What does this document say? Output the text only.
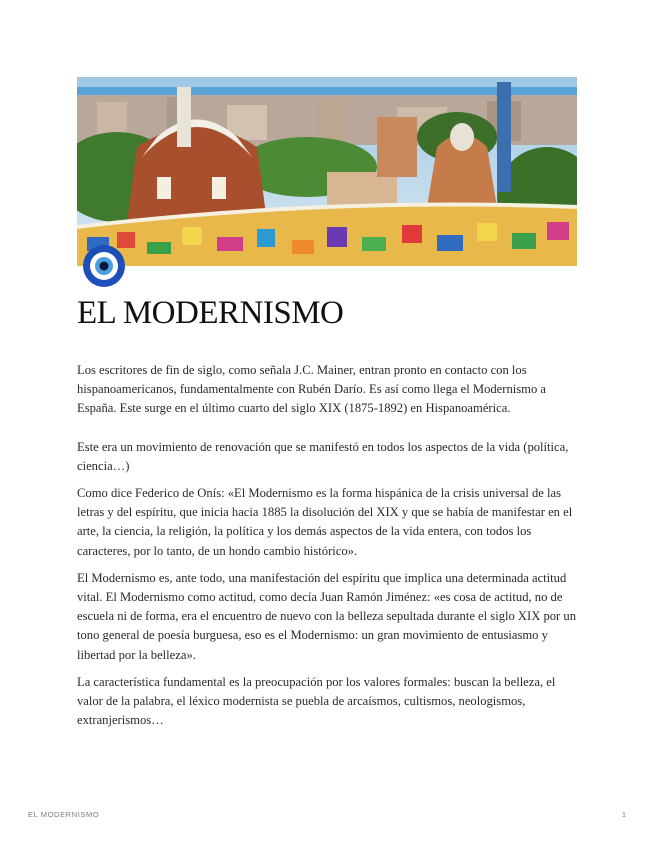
EL MODERNISMO

Los escritores de fin de siglo, como señala J.C. Mainer, entran pronto en contacto con los hispanoamericanos, fundamentalmente con Rubén Darío. Es así como llega el Modernismo a España. Este surge en el último cuarto del siglo XIX (1875-1892) en Hispanoamérica.

Este era un movimiento de renovación que se manifestó en todos los aspectos de la vida (política, ciencia…)

Como dice Federico de Onís: «El Modernismo es la forma hispánica de la crisis universal de las letras y del espíritu, que inicia hacia 1885 la disolución del XIX y que se había de manifestar en el arte, la ciencia, la religión, la política y los demás aspectos de la vida entera, con todos los caracteres, por lo tanto, de un hondo cambio histórico».

El Modernismo es, ante todo, una manifestación del espíritu que implica una determinada actitud vital. El Modernismo como actitud, como decía Juan Ramón Jiménez: «es cosa de actitud, no de escuela ni de forma, era el encuentro de nuevo con la belleza sepultada durante el siglo XIX por un tono general de poesía burguesa, eso es el Modernismo: un gran movimiento de entusiasmo y libertad por la belleza».

La característica fundamental es la preocupación por los valores formales: buscan la belleza, el valor de la palabra, el léxico modernista se puebla de arcaísmos, cultismos, neologismos, extranjerismos…

EL MODERNISMO	1
